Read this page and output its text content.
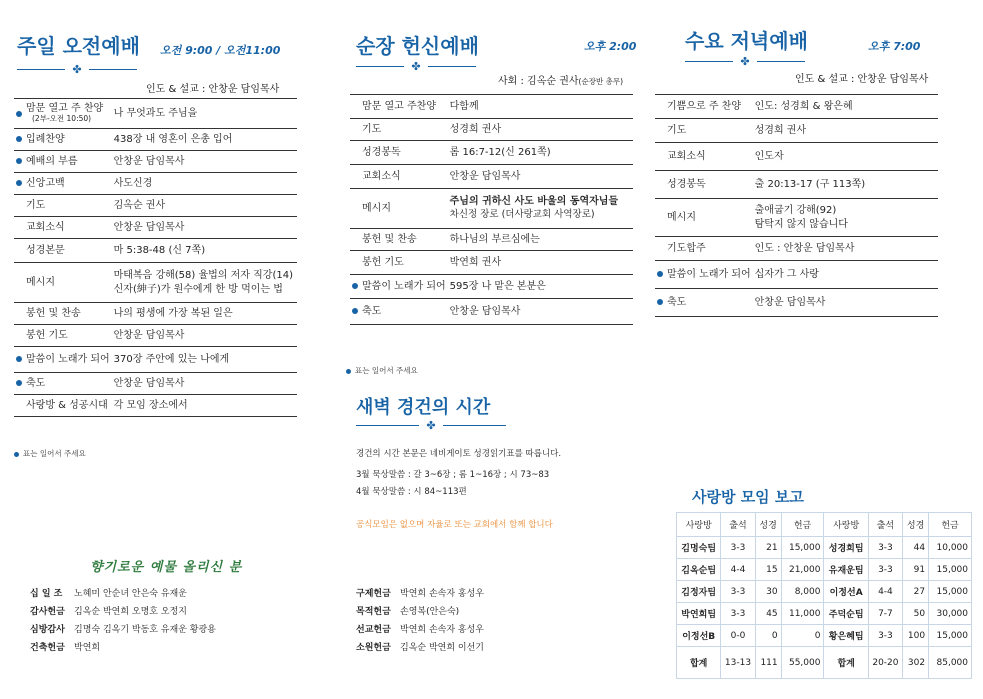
주일 오전예배 오전 9:00 / 오전11:00
✤
인도 & 설교 : 안창운 담임목사
맘문 열고 주 찬양
(2부-오전 10:50)	나 무엇과도 주님을

입례찬양	438장 내 영혼이 은총 입어

예배의 부름	안창운 담임목사

신앙고백	사도신경

기도	김옥순 권사

교회소식	안창운 담임목사

성경본문	마 5:38-48 (신 7쪽)

메시지	마태복음 강해(58) 율법의 저자 직강(14)
신자(紳子)가 원수에게 한 방 먹이는 법

봉헌 및 찬송	나의 평생에 가장 복된 일은

봉헌 기도	안창운 담임목사

말씀이 노래가 되어	370장 주안에 있는 나에게

축도	안창운 담임목사

사랑방 & 성공시대	각 모임 장소에서
표는 일어서 주세요
순장 헌신예배	오후 2:00
✤
사회 : 김옥순 권사(순장반 총무)
맘문 열고 주찬양	다함께

기도	성경희 권사

성경봉독	롬 16:7-12(신 261쪽)

교회소식	안창운 담임목사

메시지	주님의 귀하신 사도 바울의 동역자님들
차신정 장로 (더사랑교회 사역장로)

봉헌 및 찬송	하나님의 부르심에는

봉헌 기도	박연희 권사

말씀이 노래가 되어	595장 나 맡은 본분은

축도	안창운 담임목사
표는 일어서 주세요
수요 저녁예배	오후 7:00
✤
인도 & 설교 : 안창운 담임목사
기쁨으로 주 찬양	인도: 성경희 & 왕은혜

기도	성경희 권사

교회소식	인도자

성경봉독	출 20:13-17 (구 113쪽)

메시지	출애굽기 강해(92)
탐탁지 않지 않습니다

기도합주	인도 : 안창운 담임목사

말씀이 노래가 되어	십자가 그 사랑

축도	안창운 담임목사
새벽 경건의 시간
✤
경건의 시간 본문은 네비게이토 성경읽기표를 따릅니다.
3월 묵상말씀 : 갈 3~6장 ; 롬 1~16장 ; 시 73~83
4월 묵상말씀 : 시 84~113편
공식모임은 없으며 자율로 또는 교회에서 함께 합니다
향기로운 예물 올리신 분
사랑방 모임 보고
사랑방	출석	성경	헌금	사랑방	출석	성경	헌금
김명숙팀	3-3	21	15,000	성경희팀	3-3	44	10,000
김옥순팀	4-4	15	21,000	유재운팀	3-3	91	15,000
김정자팀	3-3	30	8,000	이정선A	4-4	27	15,000
박연희팀	3-3	45	11,000	주덕순팀	7-7	50	30,000
이정선B	0-0	0	0	황은혜팀	3-3	100	15,000
합계	13-13	111	55,000	합계	20-20	302	85,000
십 일 조 노혜미 안순녀 안은숙 유재운
감사헌금 김옥순 박연희 오명호 오정지
심방감사 김명숙 김옥기 박동호 유재운 황광용
건축헌금 박연희
구제헌금 박연희 손속자 홍성우
목적헌금 손영복(안은숙)
선교헌금 박연희 손속자 홍성우
소원헌금 김옥순 박연희 이선기
